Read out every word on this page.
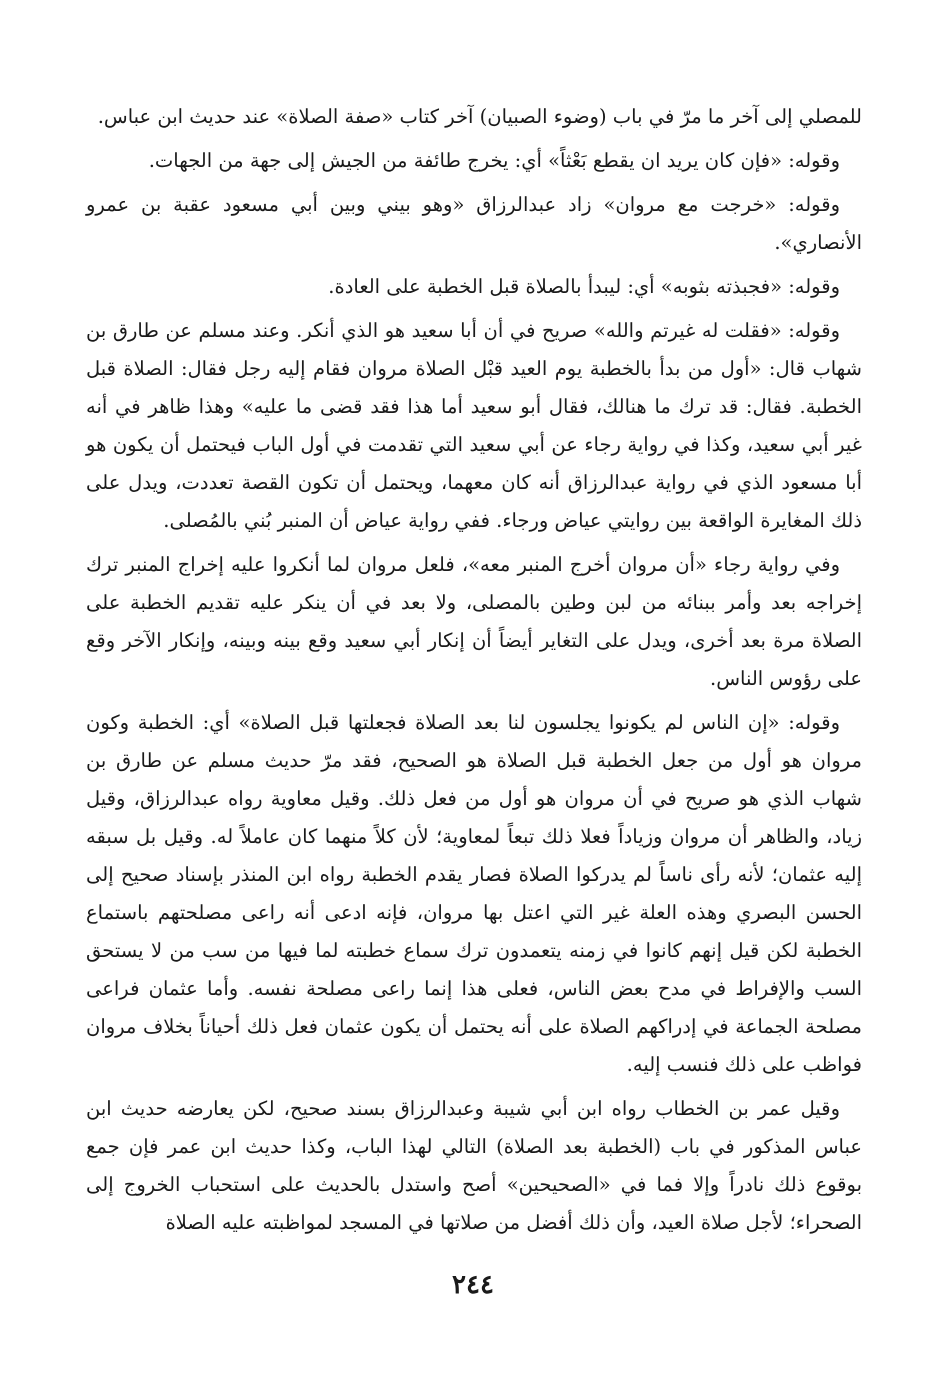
للمصلي إلى آخر ما مرّ في باب (وضوء الصبيان) آخر كتاب «صفة الصلاة» عند حديث ابن عباس.

وقوله: «فإن كان يريد ان يقطع بَعْثاً» أي: يخرج طائفة من الجيش إلى جهة من الجهات.

وقوله: «خرجت مع مروان» زاد عبدالرزاق «وهو بيني وبين أبي مسعود عقبة بن عمرو الأنصاري».

وقوله: «فجبذته بثوبه» أي: ليبدأ بالصلاة قبل الخطبة على العادة.

وقوله: «فقلت له غيرتم والله» صريح في أن أبا سعيد هو الذي أنكر. وعند مسلم عن طارق بن شهاب قال: «أول من بدأ بالخطبة يوم العيد قبْل الصلاة مروان فقام إليه رجل فقال: الصلاة قبل الخطبة. فقال: قد ترك ما هنالك، فقال أبو سعيد أما هذا فقد قضى ما عليه» وهذا ظاهر في أنه غير أبي سعيد، وكذا في رواية رجاء عن أبي سعيد التي تقدمت في أول الباب فيحتمل أن يكون هو أبا مسعود الذي في رواية عبدالرزاق أنه كان معهما، ويحتمل أن تكون القصة تعددت، ويدل على ذلك المغايرة الواقعة بين روايتي عياض ورجاء. ففي رواية عياض أن المنبر بُني بالمُصلى.

وفي رواية رجاء «أن مروان أخرج المنبر معه»، فلعل مروان لما أنكروا عليه إخراج المنبر ترك إخراجه بعد وأمر ببنائه من لبن وطين بالمصلى، ولا بعد في أن ينكر عليه تقديم الخطبة على الصلاة مرة بعد أخرى، ويدل على التغاير أيضاً أن إنكار أبي سعيد وقع بينه وبينه، وإنكار الآخر وقع على رؤوس الناس.

وقوله: «إن الناس لم يكونوا يجلسون لنا بعد الصلاة فجعلتها قبل الصلاة» أي: الخطبة وكون مروان هو أول من جعل الخطبة قبل الصلاة هو الصحيح، فقد مرّ حديث مسلم عن طارق بن شهاب الذي هو صريح في أن مروان هو أول من فعل ذلك. وقيل معاوية رواه عبدالرزاق، وقيل زياد، والظاهر أن مروان وزياداً فعلا ذلك تبعاً لمعاوية؛ لأن كلاً منهما كان عاملاً له. وقيل بل سبقه إليه عثمان؛ لأنه رأى ناساً لم يدركوا الصلاة فصار يقدم الخطبة رواه ابن المنذر بإسناد صحيح إلى الحسن البصري وهذه العلة غير التي اعتل بها مروان، فإنه ادعى أنه راعى مصلحتهم باستماع الخطبة لكن قيل إنهم كانوا في زمنه يتعمدون ترك سماع خطبته لما فيها من سب من لا يستحق السب والإفراط في مدح بعض الناس، فعلى هذا إنما راعى مصلحة نفسه. وأما عثمان فراعى مصلحة الجماعة في إدراكهم الصلاة على أنه يحتمل أن يكون عثمان فعل ذلك أحياناً بخلاف مروان فواظب على ذلك فنسب إليه.

وقيل عمر بن الخطاب رواه ابن أبي شيبة وعبدالرزاق بسند صحيح، لكن يعارضه حديث ابن عباس المذكور في باب (الخطبة بعد الصلاة) التالي لهذا الباب، وكذا حديث ابن عمر فإن جمع بوقوع ذلك نادراً وإلا فما في «الصحيحين» أصح واستدل بالحديث على استحباب الخروج إلى الصحراء؛ لأجل صلاة العيد، وأن ذلك أفضل من صلاتها في المسجد لمواظبته عليه الصلاة

٢٤٤
